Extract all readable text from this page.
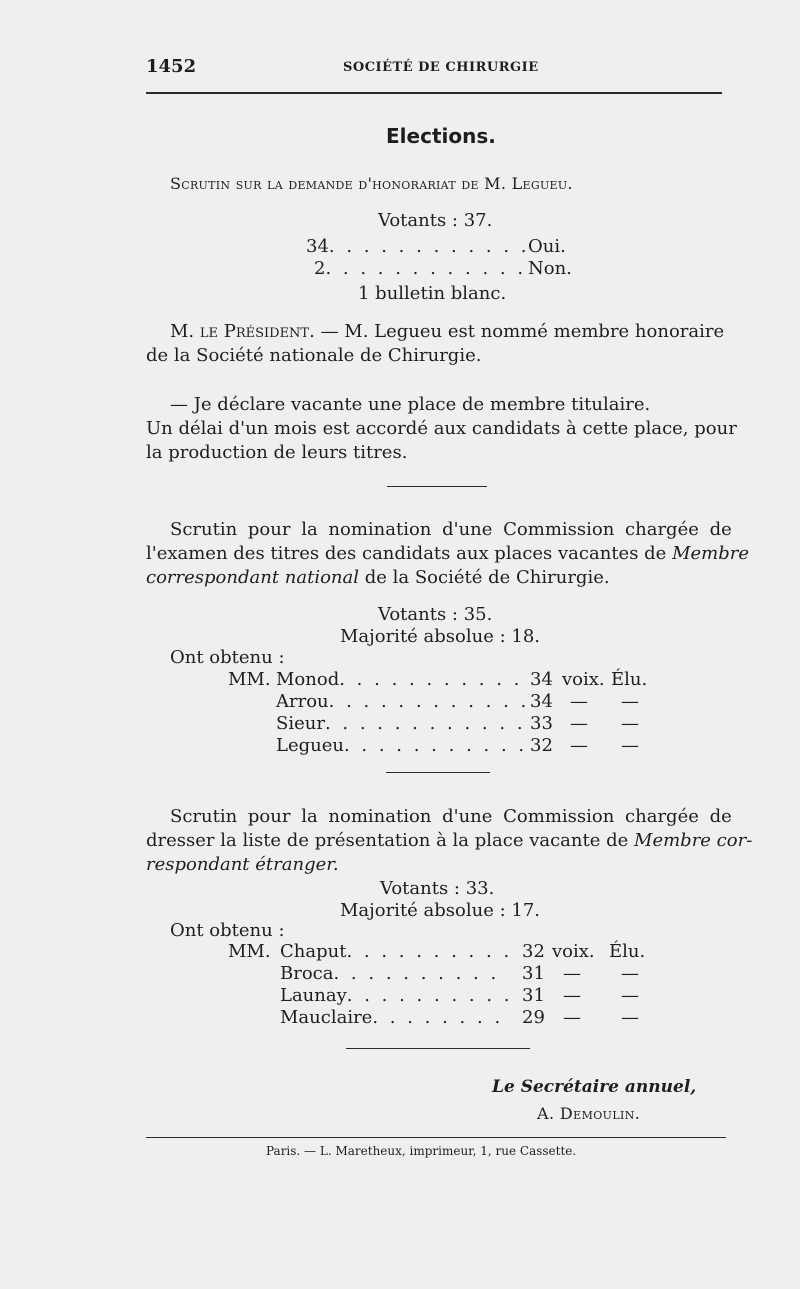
1452	SOCIÉTÉ DE CHIRURGIE
Elections.
Scrutin sur la demande d'honorariat de M. Legueu.
Votants : 37.
34. . . . . . . . . . . .
Oui.
2. . . . . . . . . . . . Non.
1 bulletin blanc.
M. le Président. — M. Legueu est nommé membre honoraire
de la Société nationale de Chirurgie.
— Je déclare vacante une place de membre titulaire.
Un délai d'un mois est accordé aux candidats à cette place, pour
la production de leurs titres.
Scrutin pour la nomination d'une Commission chargée de
l'examen des titres des candidats aux places vacantes de Membre
correspondant national de la Société de Chirurgie.
Votants : 35.
Majorité absolue : 18.
Ont obtenu :
MM. Monod. . . . . . . . . . . 34 voix. Élu.
Arrou. . . . . . . . . . . . 34 — —
Sieur. . . . . . . . . . . . 33 — —
Legueu. . . . . . . . . . . 32 — —
Scrutin pour la nomination d'une Commission chargée de
dresser la liste de présentation à la place vacante de Membre cor-
respondant étranger.
Votants : 33.
Majorité absolue : 17.
Ont obtenu :
MM. Chaput. . . . . . . . . . 32 voix. Élu.
Broca. . . . . . . . . . 31 — —
Launay. . . . . . . . . . 31 — —
Mauclaire. . . . . . . . 29 — —
Le Secrétaire annuel,
A. Demoulin.
Paris. — L. Maretheux, imprimeur, 1, rue Cassette.
